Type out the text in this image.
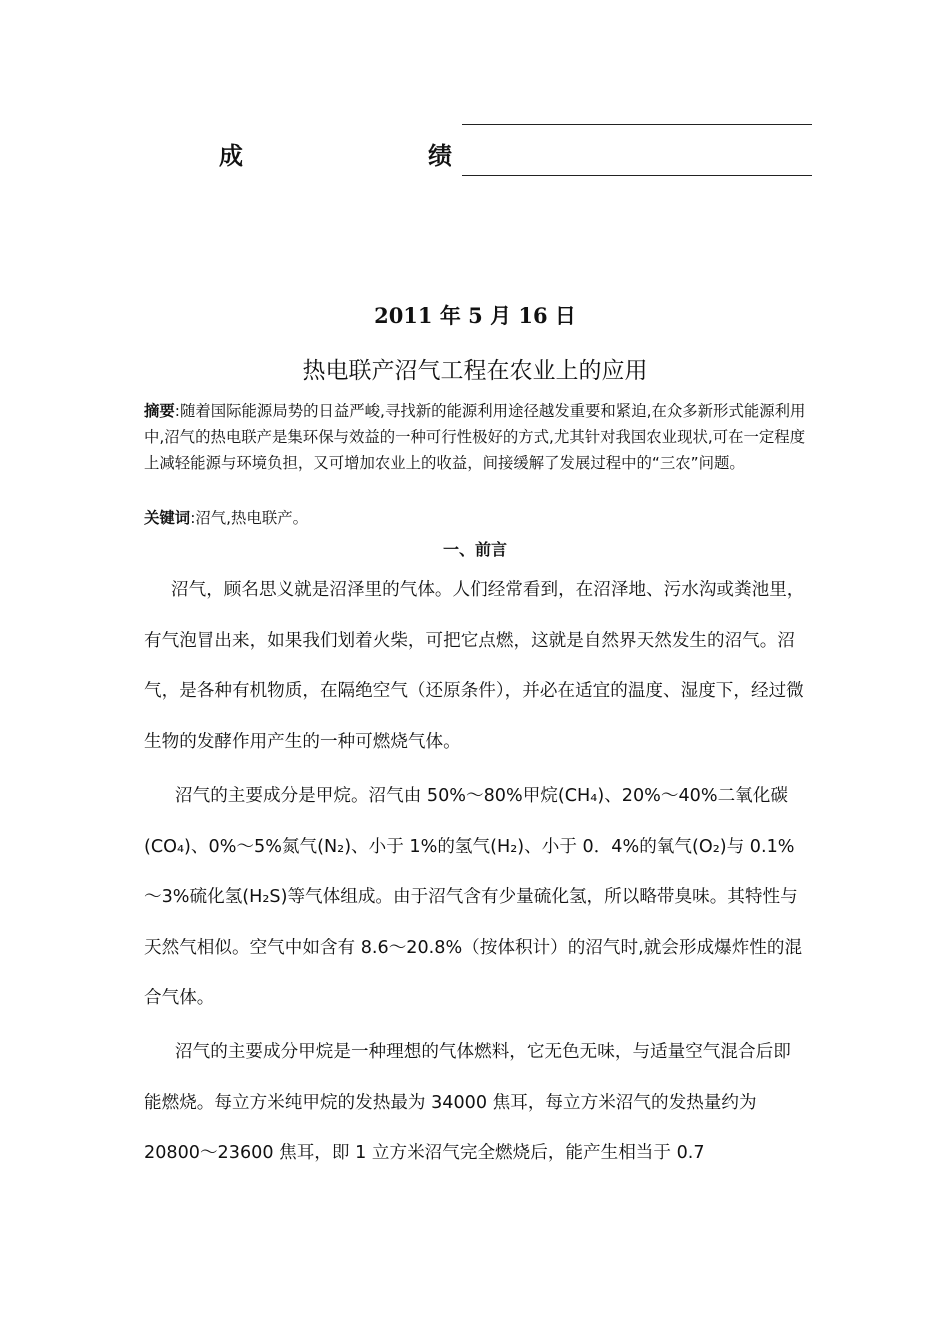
成	绩
2011 年 5 月 16 日
热电联产沼气工程在农业上的应用
摘要:随着国际能源局势的日益严峻,寻找新的能源利用途径越发重要和紧迫,在众多新形式能源利用中,沼气的热电联产是集环保与效益的一种可行性极好的方式,尤其针对我国农业现状,可在一定程度上减轻能源与环境负担，又可增加农业上的收益，间接缓解了发展过程中的“三农”问题。
关键词:沼气,热电联产。
一、前言
沼气，顾名思义就是沼泽里的气体。人们经常看到，在沼泽地、污水沟或粪池里，有气泡冒出来，如果我们划着火柴，可把它点燃，这就是自然界天然发生的沼气。沼气，是各种有机物质，在隔绝空气（还原条件），并必在适宜的温度、湿度下，经过微生物的发酵作用产生的一种可燃烧气体。
沼气的主要成分是甲烷。沼气由 50%～80%甲烷(CH₄)、20%～40%二氧化碳(CO₄)、0%～5%氮气(N₂)、小于 1%的氢气(H₂)、小于 0．4%的氧气(O₂)与 0.1%～3%硫化氢(H₂S)等气体组成。由于沼气含有少量硫化氢，所以略带臭味。其特性与天然气相似。空气中如含有 8.6～20.8%（按体积计）的沼气时,就会形成爆炸性的混合气体。
沼气的主要成分甲烷是一种理想的气体燃料，它无色无味，与适量空气混合后即能燃烧。每立方米纯甲烷的发热最为 34000 焦耳，每立方米沼气的发热量约为 20800～23600 焦耳，即 1 立方米沼气完全燃烧后，能产生相当于 0.7
